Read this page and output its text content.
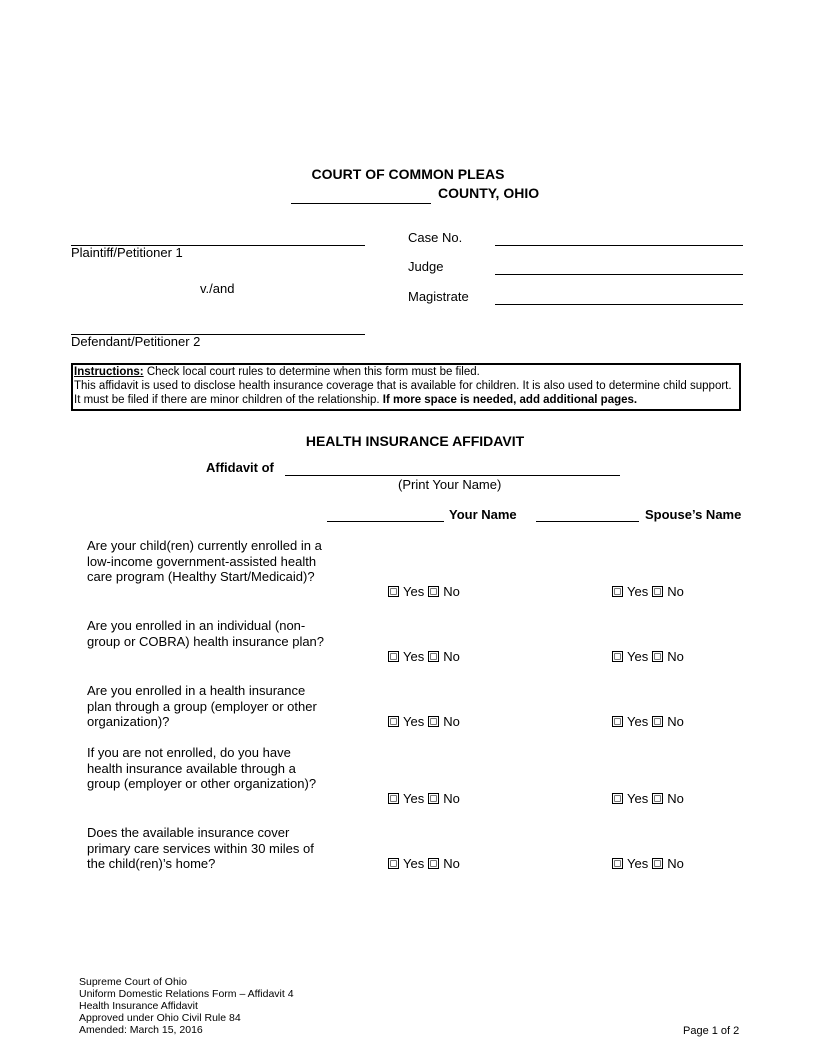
COURT OF COMMON PLEAS
COUNTY, OHIO
Plaintiff/Petitioner 1
v./and
Defendant/Petitioner 2
Case No.
Judge
Magistrate
Instructions: Check local court rules to determine when this form must be filed.
This affidavit is used to disclose health insurance coverage that is available for children. It is also used to determine child support. It must be filed if there are minor children of the relationship. If more space is needed, add additional pages.
HEALTH INSURANCE AFFIDAVIT
Affidavit of
(Print Your Name)
Your Name	Spouse’s Name
Are your child(ren) currently enrolled in a low-income government-assisted health care program (Healthy Start/Medicaid)?
Yes No	Yes No
Are you enrolled in an individual (non-group or COBRA) health insurance plan?
Yes No	Yes No
Are you enrolled in a health insurance plan through a group (employer or other organization)?	Yes No	Yes No
If you are not enrolled, do you have health insurance available through a group (employer or other organization)?
Yes No	Yes No
Does the available insurance cover primary care services within 30 miles of the child(ren)’s home?	Yes No	Yes No
Supreme Court of Ohio
Uniform Domestic Relations Form – Affidavit 4
Health Insurance Affidavit
Approved under Ohio Civil Rule 84
Amended: March 15, 2016	Page 1 of 2
